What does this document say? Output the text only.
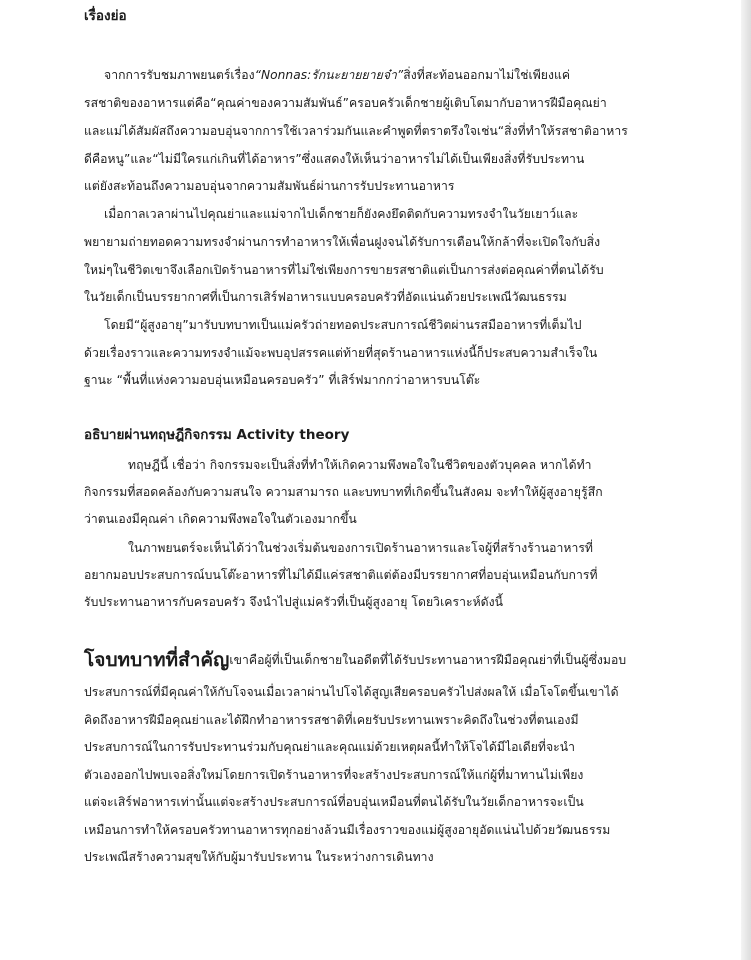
เรื่องย่อ
จากการรับชมภาพยนตร์เรื่อง“Nonnas:รักนะยายยายจ๋า”สิ่งที่สะท้อนออกมาไม่ใช่เพียงแค่
รสชาติของอาหารแต่คือ“คุณค่าของความสัมพันธ์”ครอบครัวเด็กชายผู้เติบโตมากับอาหารฝีมือคุณย่า
และแม่ได้สัมผัสถึงความอบอุ่นจากการใช้เวลาร่วมกันและคำพูดที่ตราตรึงใจเช่น“สิ่งที่ทำให้รสชาติอาหาร
ดีคือหนู”และ“ไม่มีใครแก่เกินที่ได้อาหาร”ซึ่งแสดงให้เห็นว่าอาหารไม่ได้เป็นเพียงสิ่งที่รับประทาน
แต่ยังสะท้อนถึงความอบอุ่นจากความสัมพันธ์ผ่านการรับประทานอาหาร
เมื่อกาลเวลาผ่านไปคุณย่าและแม่จากไปเด็กชายก็ยังคงยึดติดกับความทรงจำในวัยเยาว์และ
พยายามถ่ายทอดความทรงจำผ่านการทำอาหารให้เพื่อนฝูงจนได้รับการเตือนให้กล้าที่จะเปิดใจกับสิ่ง
ใหม่ๆในชีวิตเขาจึงเลือกเปิดร้านอาหารที่ไม่ใช่เพียงการขายรสชาติแต่เป็นการส่งต่อคุณค่าที่ตนได้รับ
ในวัยเด็กเป็นบรรยากาศที่เป็นการเสิร์ฟอาหารแบบครอบครัวที่อัดแน่นด้วยประเพณีวัฒนธรรม
โดยมี“ผู้สูงอายุ”มารับบทบาทเป็นแม่ครัวถ่ายทอดประสบการณ์ชีวิตผ่านรสมืออาหารที่เต็มไป
ด้วยเรื่องราวและความทรงจำแม้จะพบอุปสรรคแต่ท้ายที่สุดร้านอาหารแห่งนี้ก็ประสบความสำเร็จใน
ฐานะ “พื้นที่แห่งความอบอุ่นเหมือนครอบครัว” ที่เสิร์ฟมากกว่าอาหารบนโต๊ะ
อธิบายผ่านทฤษฎีกิจกรรม Activity theory
ทฤษฎีนี้ เชื่อว่า กิจกรรมจะเป็นสิ่งที่ทำให้เกิดความพึงพอใจในชีวิตของตัวบุคคล หากได้ทำ
กิจกรรมที่สอดคล้องกับความสนใจ ความสามารถ และบทบาทที่เกิดขึ้นในสังคม จะทำให้ผู้สูงอายุรู้สึก
ว่าตนเองมีคุณค่า เกิดความพึงพอใจในตัวเองมากขึ้น
ในภาพยนตร์จะเห็นได้ว่าในช่วงเริ่มต้นของการเปิดร้านอาหารและโจผู้ที่สร้างร้านอาหารที่
อยากมอบประสบการณ์บนโต๊ะอาหารที่ไม่ได้มีแค่รสชาติแต่ต้องมีบรรยากาศที่อบอุ่นเหมือนกับการที่
รับประทานอาหารกับครอบครัว จึงนำไปสู่แม่ครัวที่เป็นผู้สูงอายุ โดยวิเคราะห์ดังนี้
โจบทบาทที่สำคัญเขาคือผู้ที่เป็นเด็กชายในอดีตที่ได้รับประทานอาหารฝีมือคุณย่าที่เป็นผู้ซึ่งมอบ
ประสบการณ์ที่มีคุณค่าให้กับโจจนเมื่อเวลาผ่านไปโจได้สูญเสียครอบครัวไปส่งผลให้ เมื่อโจโตขึ้นเขาได้
คิดถึงอาหารฝีมือคุณย่าและได้ฝึกทำอาหารรสชาติที่เคยรับประทานเพราะคิดถึงในช่วงที่ตนเองมี
ประสบการณ์ในการรับประทานร่วมกับคุณย่าและคุณแม่ด้วยเหตุผลนี้ทำให้โจได้มีไอเดียที่จะนำ
ตัวเองออกไปพบเจอสิ่งใหม่โดยการเปิดร้านอาหารที่จะสร้างประสบการณ์ให้แก่ผู้ที่มาทานไม่เพียง
แต่จะเสิร์ฟอาหารเท่านั้นแต่จะสร้างประสบการณ์ที่อบอุ่นเหมือนที่ตนได้รับในวัยเด็กอาหารจะเป็น
เหมือนการทำให้ครอบครัวทานอาหารทุกอย่างล้วนมีเรื่องราวของแม่ผู้สูงอายุอัดแน่นไปด้วยวัฒนธรรม
ประเพณีสร้างความสุขให้กับผู้มารับประทาน ในระหว่างการเดินทาง
